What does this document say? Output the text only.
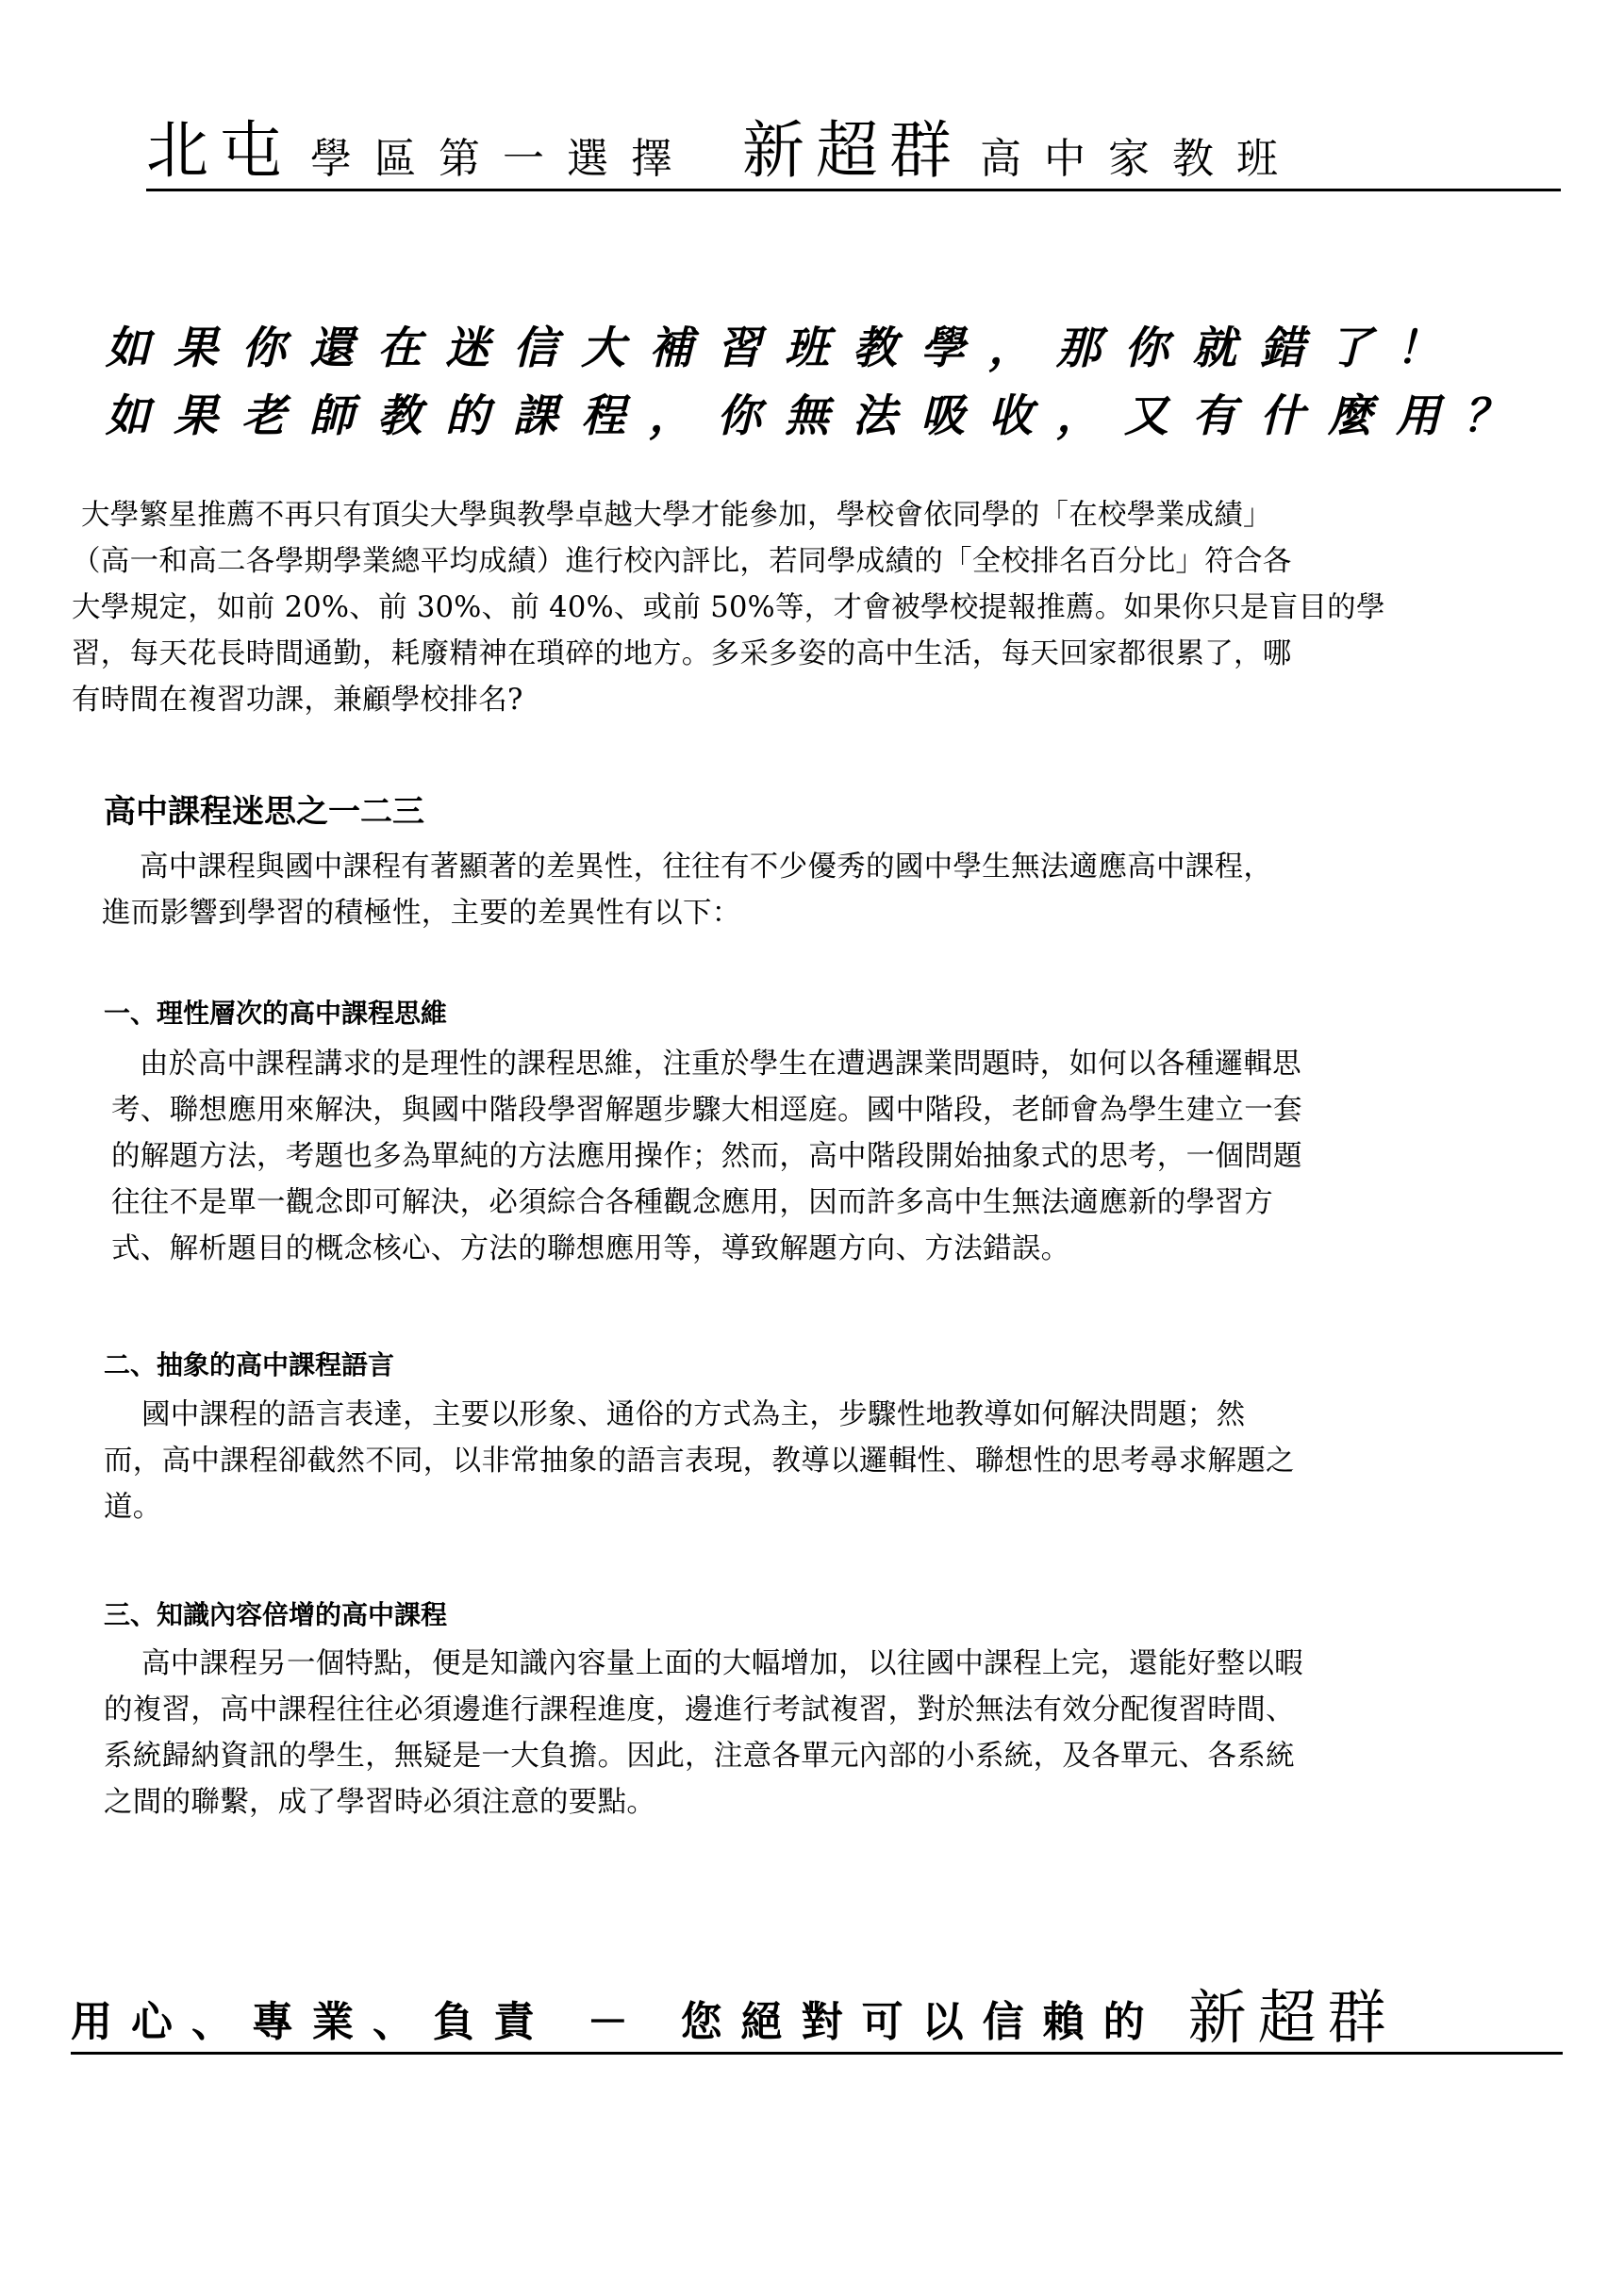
北屯 學區第一選擇 新超群 高中家教班
如果你還在迷信大補習班教學，那你就錯了！
如果老師教的課程，你無法吸收，又有什麼用？
大學繁星推薦不再只有頂尖大學與教學卓越大學才能參加，學校會依同學的「在校學業成績」
（高一和高二各學期學業總平均成績）進行校內評比，若同學成績的「全校排名百分比」符合各
大學規定，如前 20%、前 30%、前 40%、或前 50%等，才會被學校提報推薦。如果你只是盲目的學
習，每天花長時間通勤，耗廢精神在瑣碎的地方。多采多姿的高中生活，每天回家都很累了，哪
有時間在複習功課，兼顧學校排名?
高中課程迷思之一二三
高中課程與國中課程有著顯著的差異性，往往有不少優秀的國中學生無法適應高中課程，
進而影響到學習的積極性，主要的差異性有以下：
一、理性層次的高中課程思維
由於高中課程講求的是理性的課程思維，注重於學生在遭遇課業問題時，如何以各種邏輯思
考、聯想應用來解決，與國中階段學習解題步驟大相逕庭。國中階段，老師會為學生建立一套
的解題方法，考題也多為單純的方法應用操作；然而，高中階段開始抽象式的思考，一個問題
往往不是單一觀念即可解決，必須綜合各種觀念應用，因而許多高中生無法適應新的學習方
式、解析題目的概念核心、方法的聯想應用等，導致解題方向、方法錯誤。
二、抽象的高中課程語言
國中課程的語言表達，主要以形象、通俗的方式為主，步驟性地教導如何解決問題；然
而，高中課程卻截然不同，以非常抽象的語言表現，教導以邏輯性、聯想性的思考尋求解題之
道。
三、知識內容倍增的高中課程
高中課程另一個特點，便是知識內容量上面的大幅增加，以往國中課程上完，還能好整以暇
的複習，高中課程往往必須邊進行課程進度，邊進行考試複習，對於無法有效分配復習時間、
系統歸納資訊的學生，無疑是一大負擔。因此，注意各單元內部的小系統，及各單元、各系統
之間的聯繫，成了學習時必須注意的要點。
用心、專業、負責 － 您絕對可以信賴的 新超群
